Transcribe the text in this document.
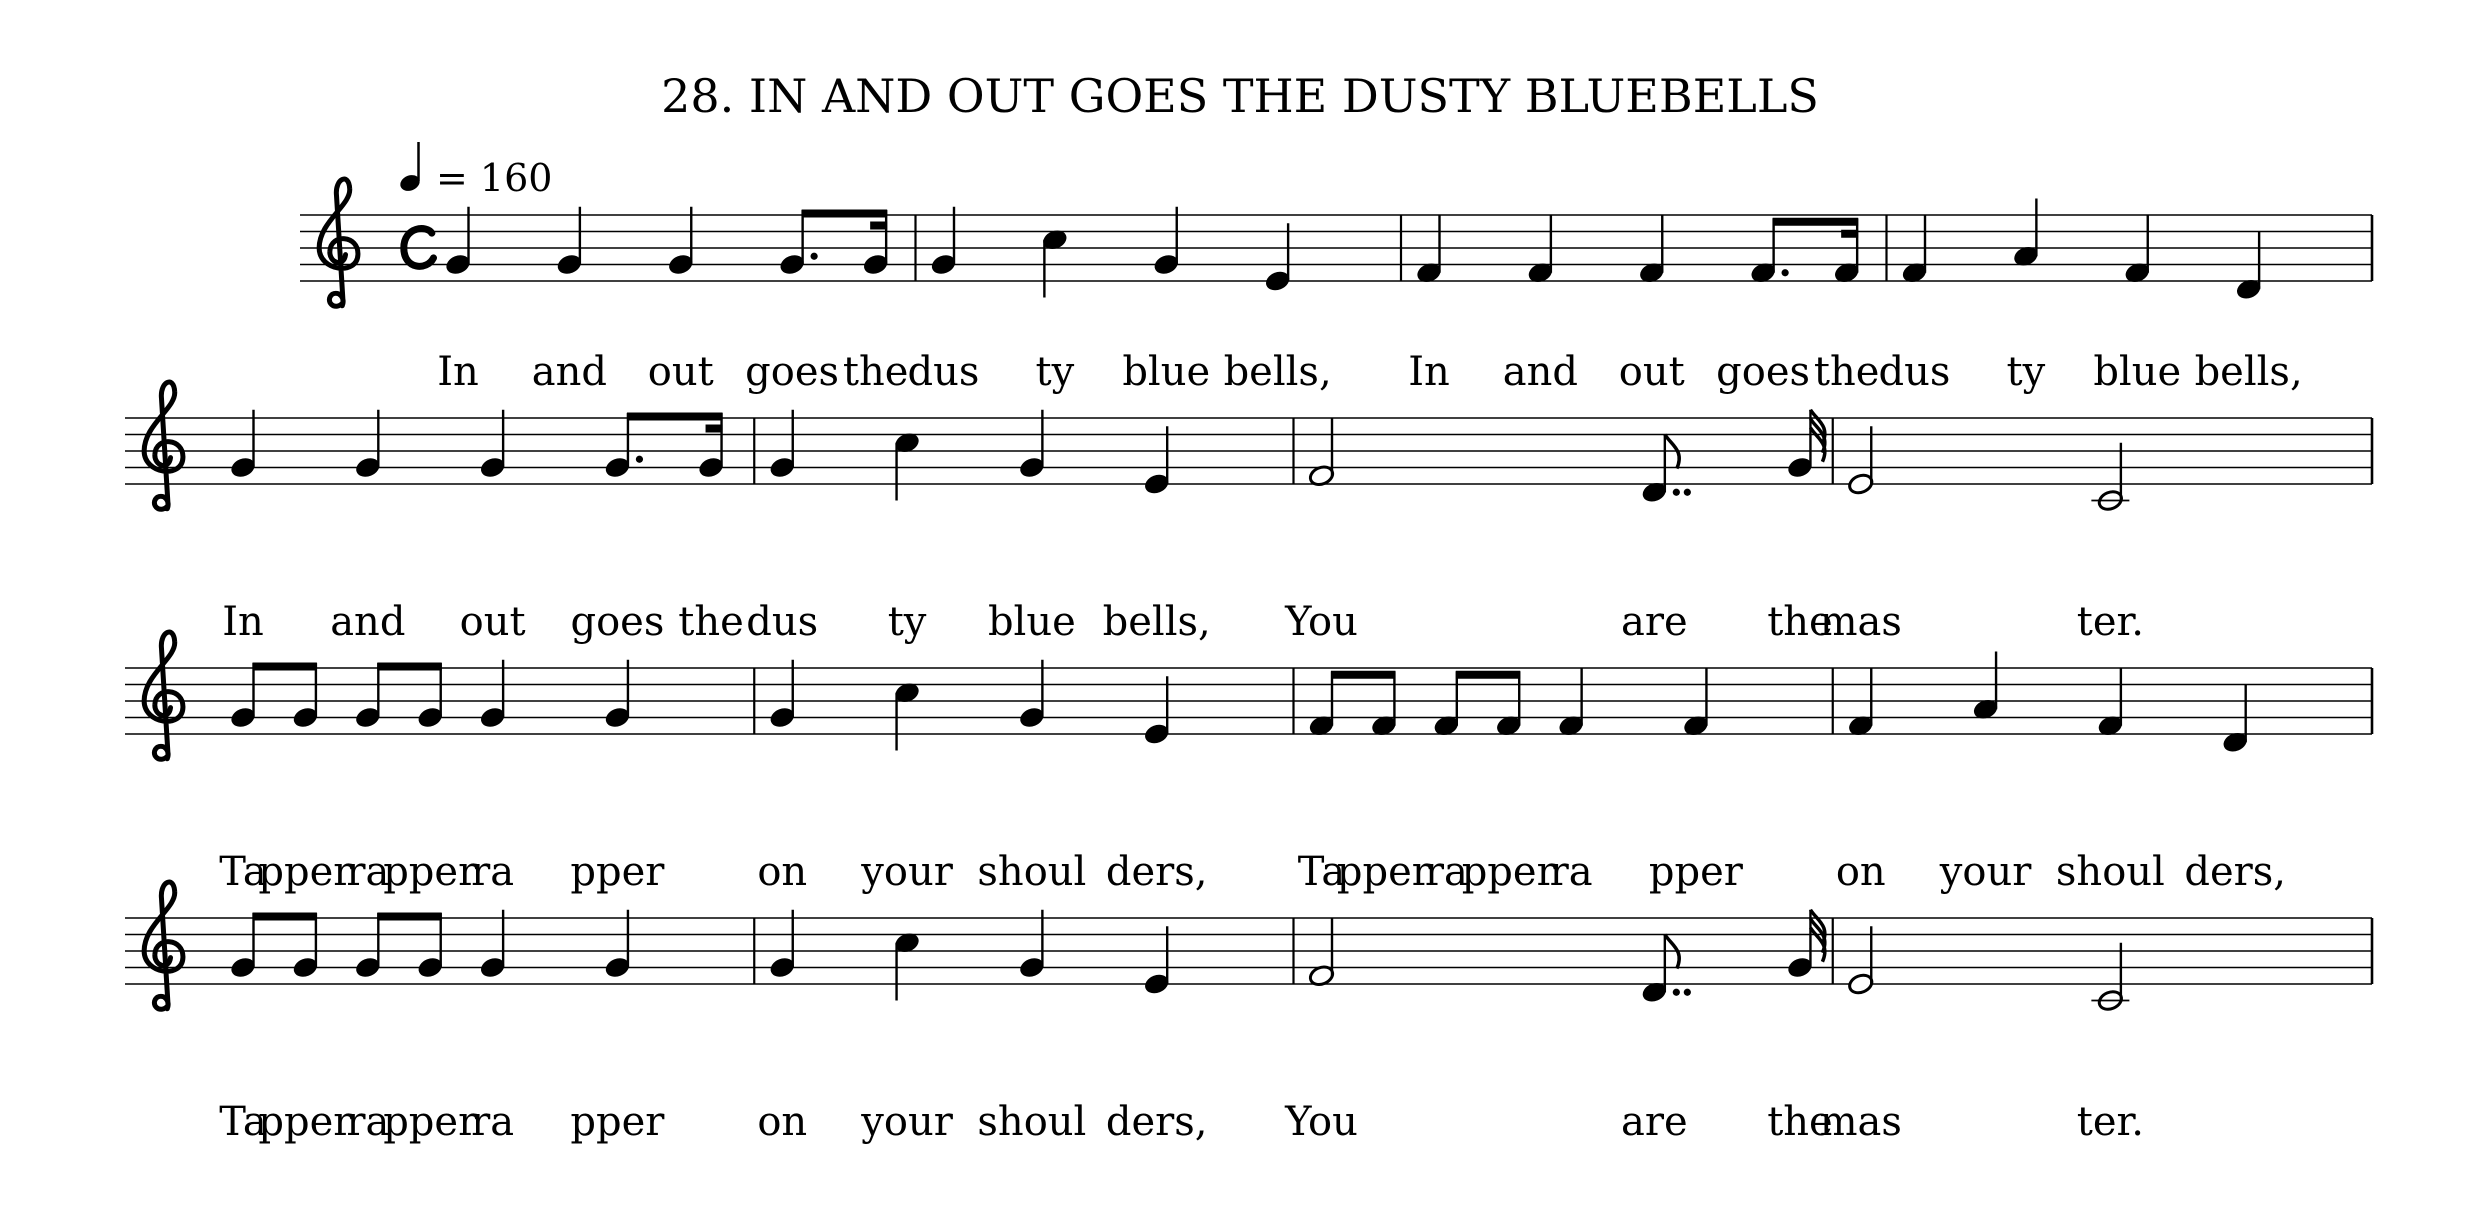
28. IN AND OUT GOES THE DUSTY BLUEBELLS
= 160
In and out goes the dus ty blue bells, In and out goes the dus ty blue bells,
In and out goes the dus ty blue bells, You	are the
mas	ter.
Ta
pper
ra
pper
ra pper on your shoul ders, Ta
pper
ra
pper
ra pper on your shoul ders,
Ta
pper
ra
pper
ra pper on your shoul ders, You	are the
mas	ter.
